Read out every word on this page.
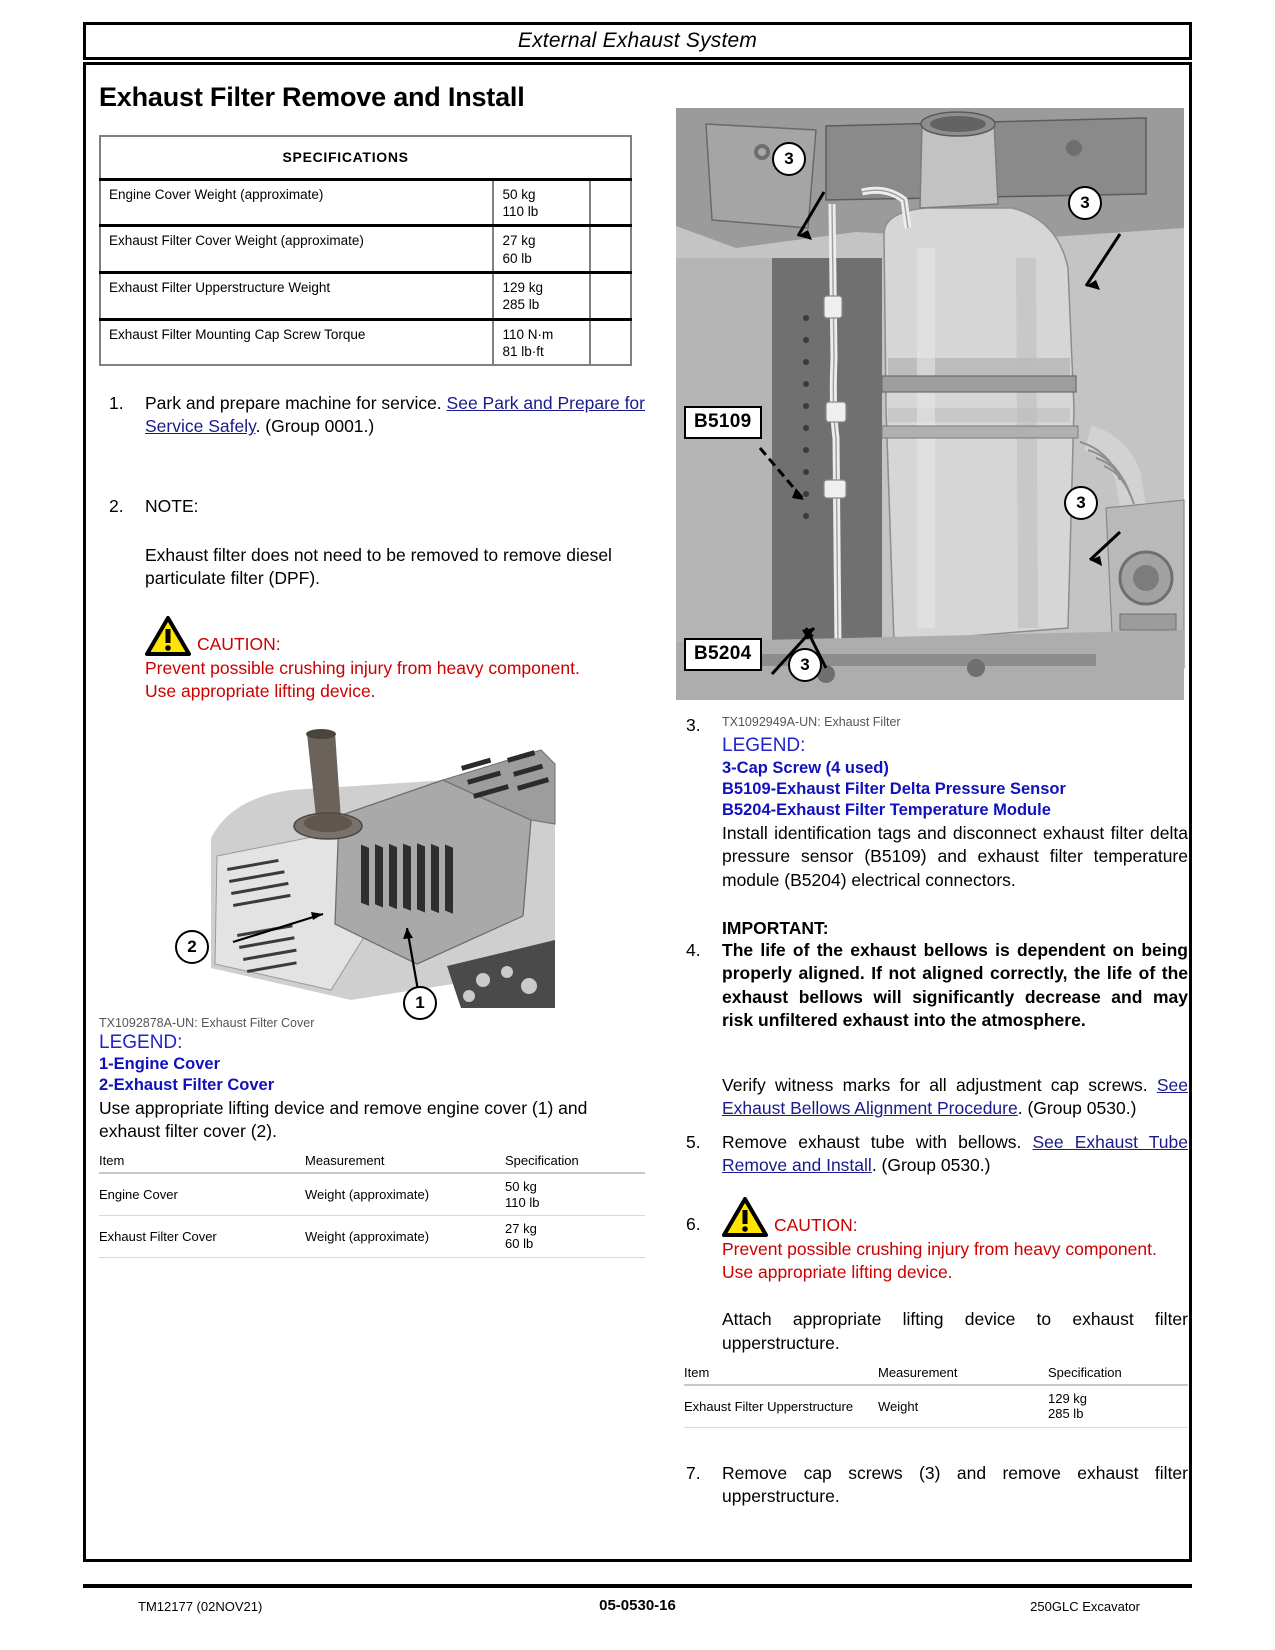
External Exhaust System
Exhaust Filter Remove and Install
SPECIFICATIONS		
Engine Cover Weight (approximate)	50 kg
110 lb	

Exhaust Filter Cover Weight (approximate)	27 kg
60 lb	

Exhaust Filter Upperstructure Weight	129 kg
285 lb	

Exhaust Filter Mounting Cap Screw Torque	110 N·m
81 lb·ft	

1.	Park and prepare machine for service. See Park and Prepare for Service Safely. (Group 0001.)

2.	NOTE:

Exhaust filter does not need to be removed to remove diesel particulate filter (DPF).
CAUTION:
Prevent possible crushing injury from heavy component.
Use appropriate lifting device.
2
1
TX1092878A-UN: Exhaust Filter Cover
LEGEND:
1-Engine Cover
2-Exhaust Filter Cover
Use appropriate lifting device and remove engine cover (1) and exhaust filter cover (2).
Item	Measurement	Specification
Engine Cover	Weight (approximate)	50 kg
110 lb

Exhaust Filter Cover	Weight (approximate)	27 kg
60 lb
3
3
3
3
B5109
B5204
3.	TX1092949A-UN: Exhaust Filter
LEGEND:
3-Cap Screw (4 used)
B5109-Exhaust Filter Delta Pressure Sensor
B5204-Exhaust Filter Temperature Module

Install identification tags and disconnect exhaust filter delta pressure sensor (B5109) and exhaust filter temperature module (B5204) electrical connectors.

IMPORTANT:
4.	The life of the exhaust bellows is dependent on being properly aligned. If not aligned correctly, the life of the exhaust bellows will significantly decrease and may risk unfiltered exhaust into the atmosphere.

Verify witness marks for all adjustment cap screws. See Exhaust Bellows Alignment Procedure. (Group 0530.)
5.	Remove exhaust tube with bellows. See Exhaust Tube Remove and Install. (Group 0530.)

6.	CAUTION:
Prevent possible crushing injury from heavy component.
Use appropriate lifting device.
Attach appropriate lifting device to exhaust filter upperstructure.
Item	Measurement	Specification
Exhaust Filter Upperstructure	Weight	129 kg
285 lb
7.	Remove cap screws (3) and remove exhaust filter upperstructure.

TM12177 (02NOV21)	05-0530-16	250GLC Excavator
